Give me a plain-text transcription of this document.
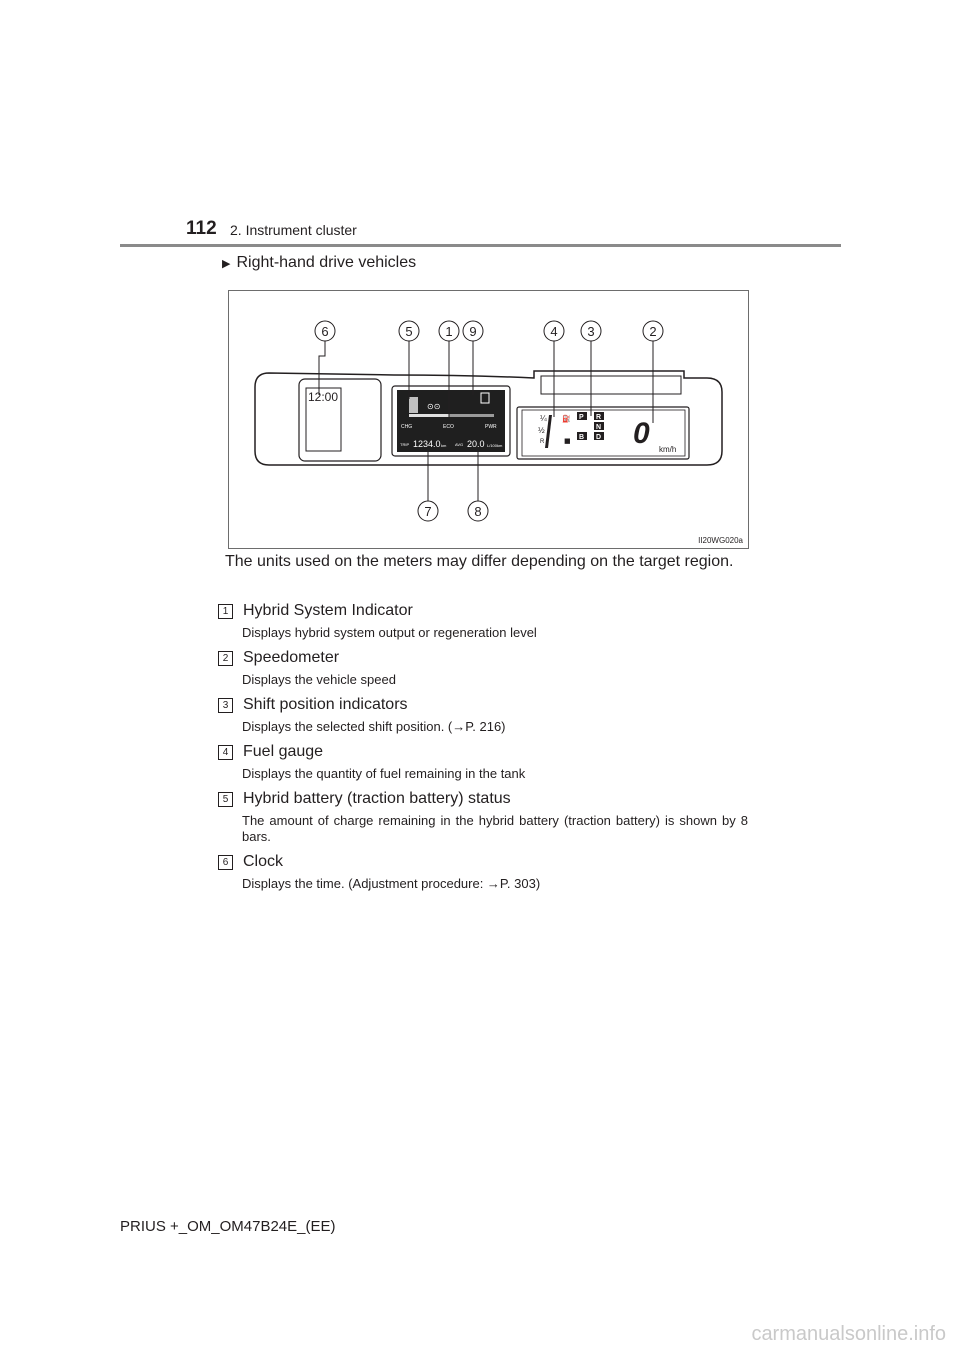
112 2. Instrument cluster
▶ Right-hand drive vehicles
12:00
⊙⊙
CHG	ECO	PWR
TRIP 1234.0 km AVG 20.0 L/100km
¼
½
R
⛽
■
P R
N
B D 0 km/h
6	5	1 9	4 3	2
7	8
II20WG020a
The units used on the meters may differ depending on the target region.
1 Hybrid System Indicator
Displays hybrid system output or regeneration level
2 Speedometer
Displays the vehicle speed
3 Shift position indicators
Displays the selected shift position. (→P. 216)
4 Fuel gauge
Displays the quantity of fuel remaining in the tank
5 Hybrid battery (traction battery) status
The amount of charge remaining in the hybrid battery (traction battery) is shown by 8 bars.
6 Clock
Displays the time. (Adjustment procedure: →P. 303)
PRIUS +_OM_OM47B24E_(EE)
carmanualsonline.info
